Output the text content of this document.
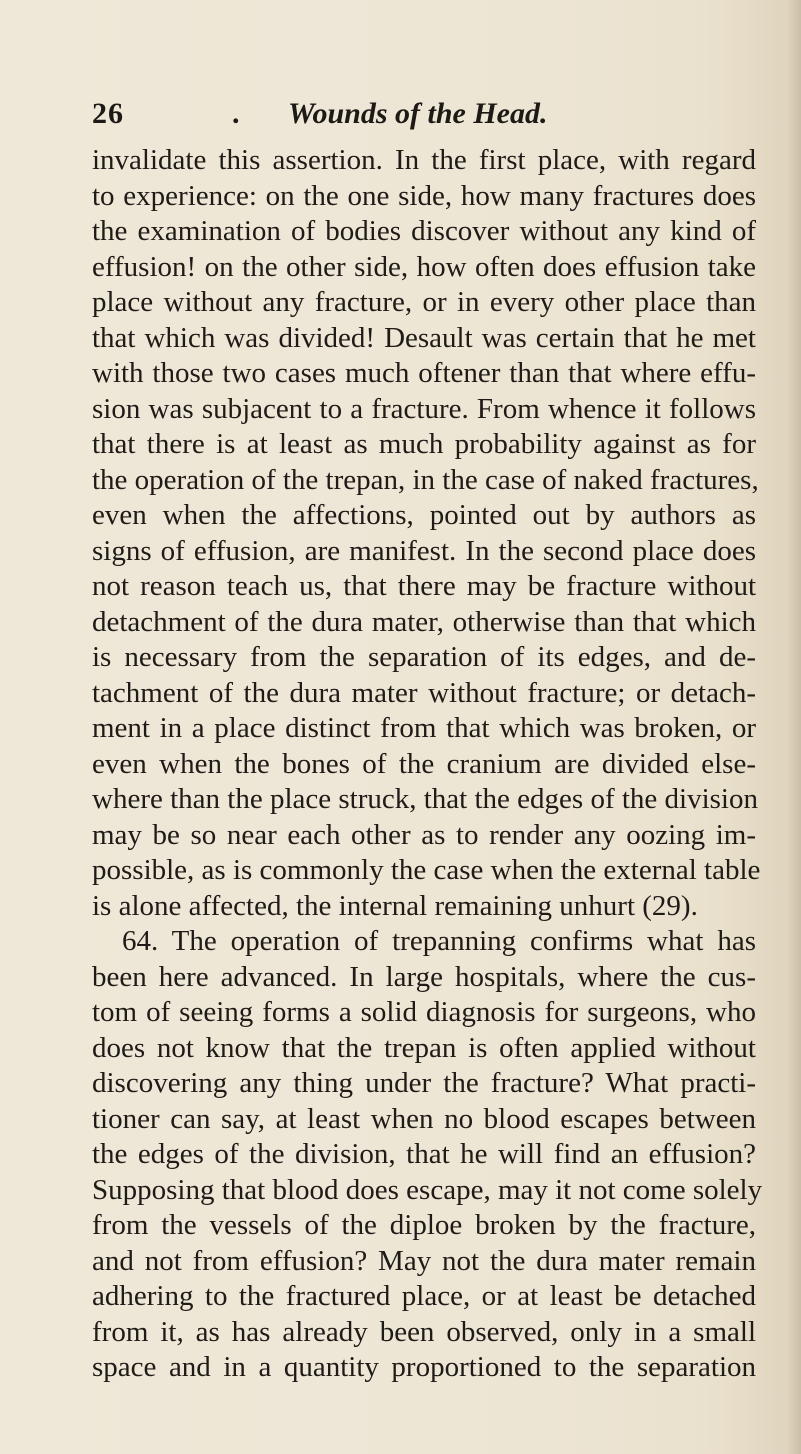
26	Wounds of the Head.
.
invalidate this assertion. In the first place, with regard
to experience: on the one side, how many fractures does
the examination of bodies discover without any kind of
effusion! on the other side, how often does effusion take
place without any fracture, or in every other place than
that which was divided! Desault was certain that he met
with those two cases much oftener than that where effu-
sion was subjacent to a fracture. From whence it follows
that there is at least as much probability against as for
the operation of the trepan, in the case of naked fractures,
even when the affections, pointed out by authors as
signs of effusion, are manifest. In the second place does
not reason teach us, that there may be fracture without
detachment of the dura mater, otherwise than that which
is necessary from the separation of its edges, and de-
tachment of the dura mater without fracture; or detach-
ment in a place distinct from that which was broken, or
even when the bones of the cranium are divided else-
where than the place struck, that the edges of the division
may be so near each other as to render any oozing im-
possible, as is commonly the case when the external table
is alone affected, the internal remaining unhurt (29).
64. The operation of trepanning confirms what has
been here advanced. In large hospitals, where the cus-
tom of seeing forms a solid diagnosis for surgeons, who
does not know that the trepan is often applied without
discovering any thing under the fracture? What practi-
tioner can say, at least when no blood escapes between
the edges of the division, that he will find an effusion?
Supposing that blood does escape, may it not come solely
from the vessels of the diploe broken by the fracture,
and not from effusion? May not the dura mater remain
adhering to the fractured place, or at least be detached
from it, as has already been observed, only in a small
space and in a quantity proportioned to the separation
